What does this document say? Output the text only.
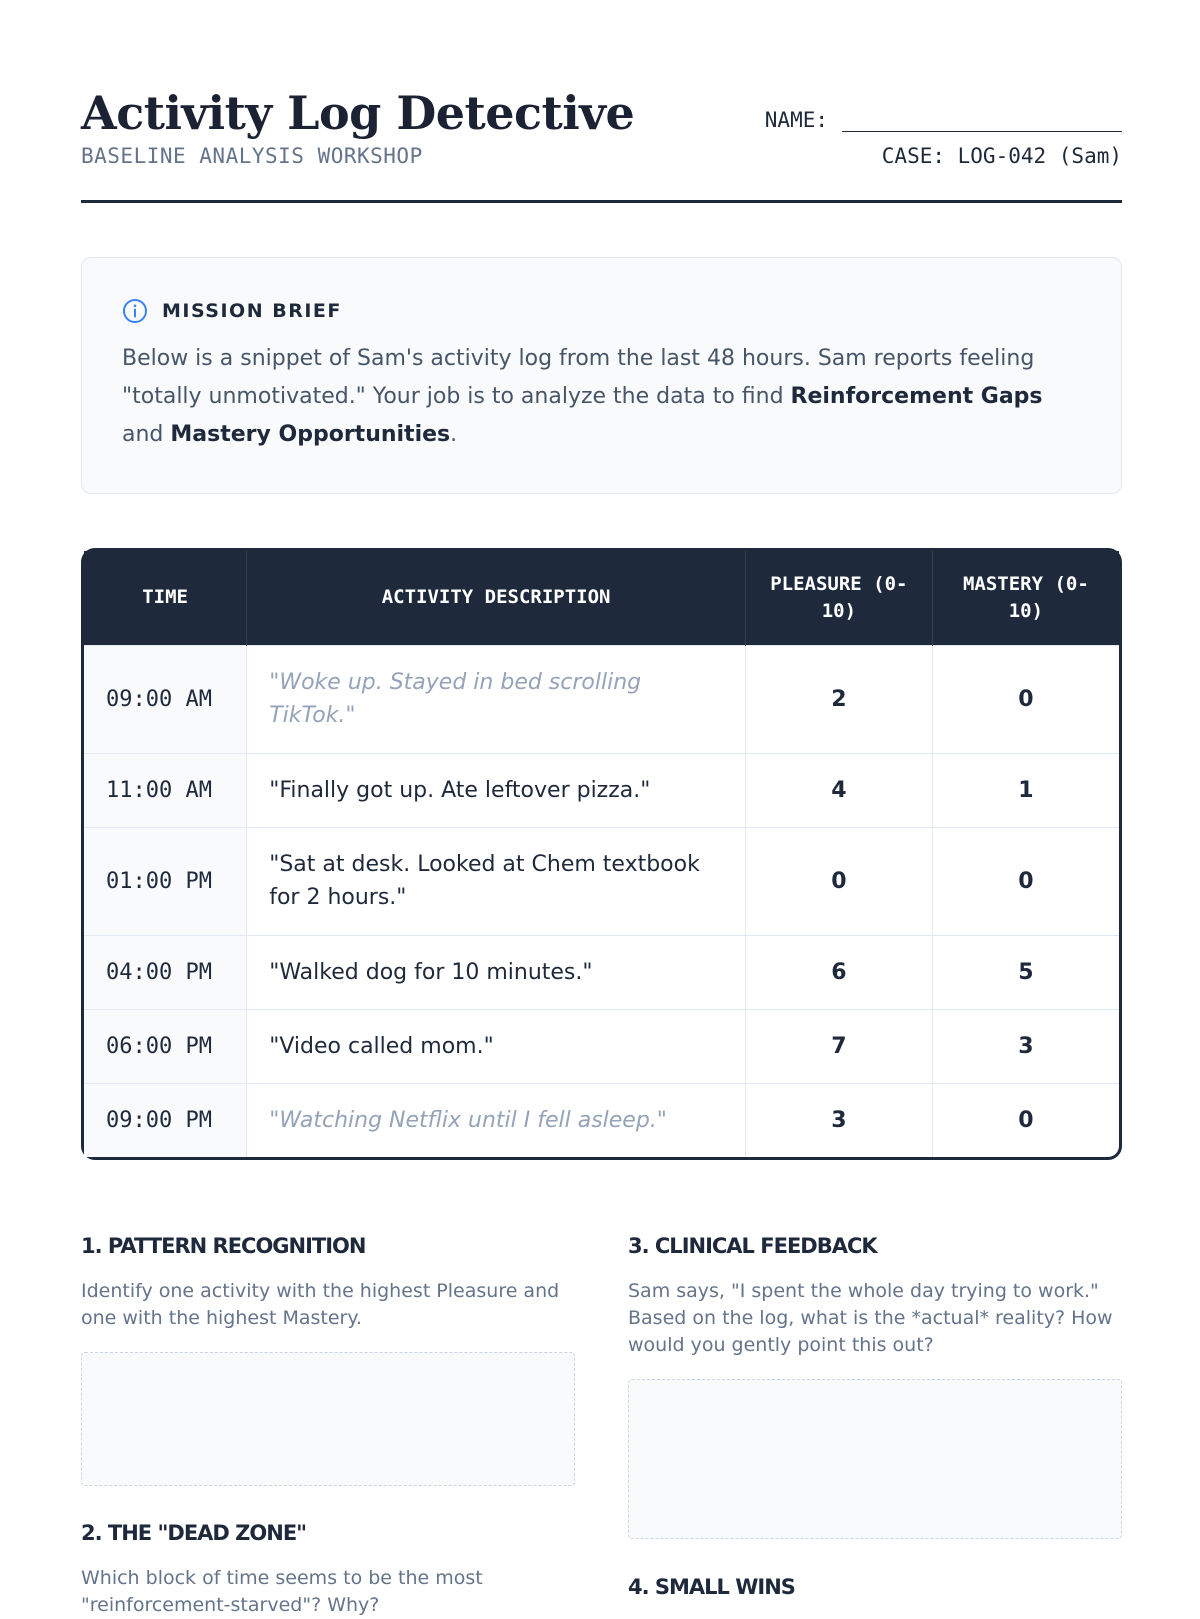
Activity Log Detective
BASELINE ANALYSIS WORKSHOP
NAME:
CASE: LOG-042 (Sam)
MISSION BRIEF
Below is a snippet of Sam's activity log from the last 48 hours. Sam reports feeling "totally unmotivated." Your job is to analyze the data to find Reinforcement Gaps and Mastery Opportunities.
TIME	ACTIVITY DESCRIPTION	PLEASURE (0-10)	MASTERY (0-10)
09:00 AM	"Woke up. Stayed in bed scrolling TikTok."	2	0
11:00 AM	"Finally got up. Ate leftover pizza."	4	1
01:00 PM	"Sat at desk. Looked at Chem textbook for 2 hours."	0	0
04:00 PM	"Walked dog for 10 minutes."	6	5
06:00 PM	"Video called mom."	7	3
09:00 PM	"Watching Netflix until I fell asleep."	3	0
1. PATTERN RECOGNITION
Identify one activity with the highest Pleasure and one with the highest Mastery.
2. THE "DEAD ZONE"
Which block of time seems to be the most "reinforcement-starved"? Why?
3. CLINICAL FEEDBACK
Sam says, "I spent the whole day trying to work." Based on the log, what is the *actual* reality? How would you gently point this out?
4. SMALL WINS
